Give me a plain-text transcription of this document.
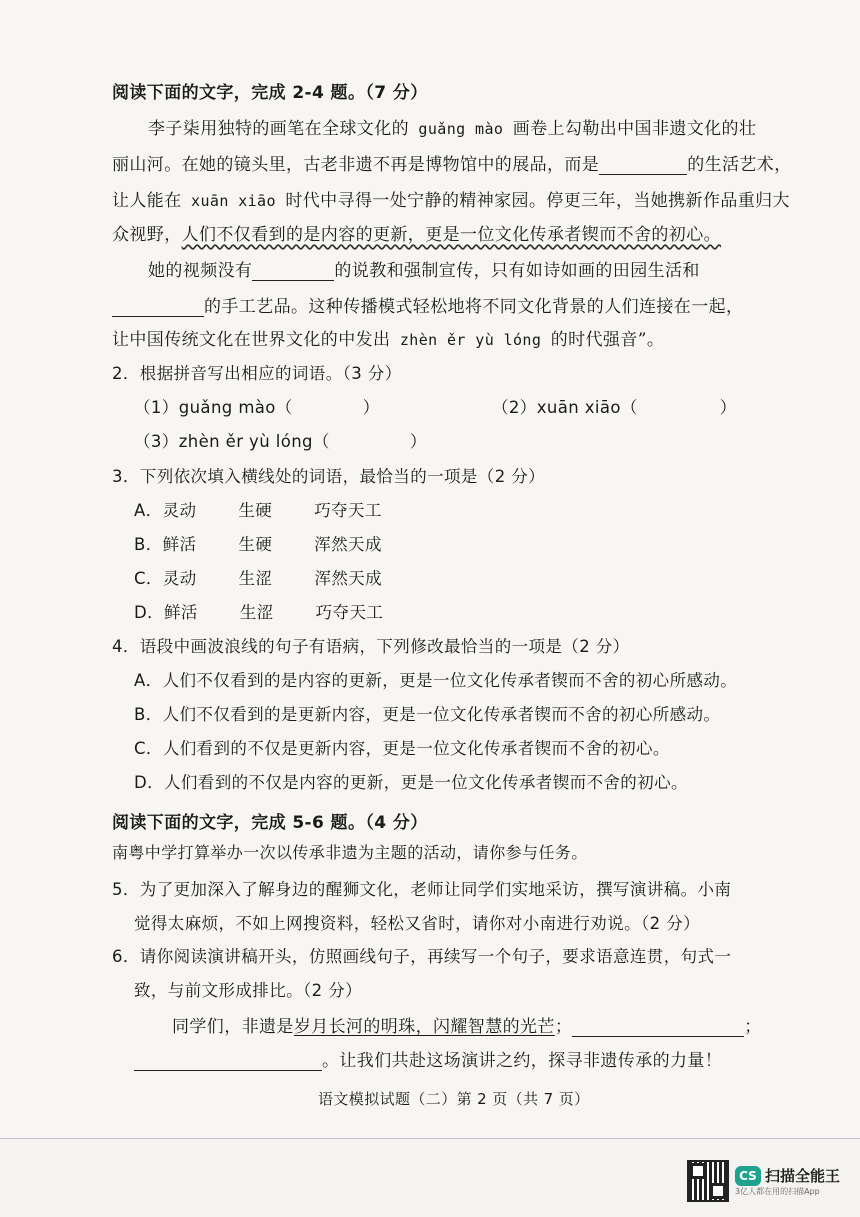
阅读下面的文字，完成 2-4 题。（7 分）
李子柒用独特的画笔在全球文化的 guǎng mào 画卷上勾勒出中国非遗文化的壮
丽山河。在她的镜头里，古老非遗不再是博物馆中的展品，而是	的生活艺术，
让人能在 xuān xiāo 时代中寻得一处宁静的精神家园。停更三年，当她携新作品重归大
众视野，人们不仅看到的是内容的更新，更是一位文化传承者锲而不舍的初心。
她的视频没有	的说教和强制宣传，只有如诗如画的田园生活和
的手工艺品。这种传播模式轻松地将不同文化背景的人们连接在一起，
让中国传统文化在世界文化的中发出 zhèn ěr yù lóng 的时代强音”。
2．根据拼音写出相应的词语。（3 分）
（1）guǎng mào（	）	（2）xuān xiāo（	）
（3）zhèn ěr yù lóng（	）
3．下列依次填入横线处的词语，最恰当的一项是（2 分）
A．灵动	生硬	巧夺天工
B．鲜活	生硬	浑然天成
C．灵动	生涩	浑然天成
D．鲜活	生涩	巧夺天工
4．语段中画波浪线的句子有语病，下列修改最恰当的一项是（2 分）
A．人们不仅看到的是内容的更新，更是一位文化传承者锲而不舍的初心所感动。
B．人们不仅看到的是更新内容，更是一位文化传承者锲而不舍的初心所感动。
C．人们看到的不仅是更新内容，更是一位文化传承者锲而不舍的初心。
D．人们看到的不仅是内容的更新，更是一位文化传承者锲而不舍的初心。
阅读下面的文字，完成 5-6 题。（4 分）
南粤中学打算举办一次以传承非遗为主题的活动，请你参与任务。
5．为了更加深入了解身边的醒狮文化，老师让同学们实地采访，撰写演讲稿。小南
觉得太麻烦，不如上网搜资料，轻松又省时，请你对小南进行劝说。（2 分）
6．请你阅读演讲稿开头，仿照画线句子，再续写一个句子，要求语意连贯，句式一
致，与前文形成排比。（2 分）
同学们，非遗是岁月长河的明珠，闪耀智慧的光芒；	；
。让我们共赴这场演讲之约，探寻非遗传承的力量！
语文模拟试题（二）第 2 页（共 7 页）
CS 扫描全能王
3亿人都在用的扫描App
